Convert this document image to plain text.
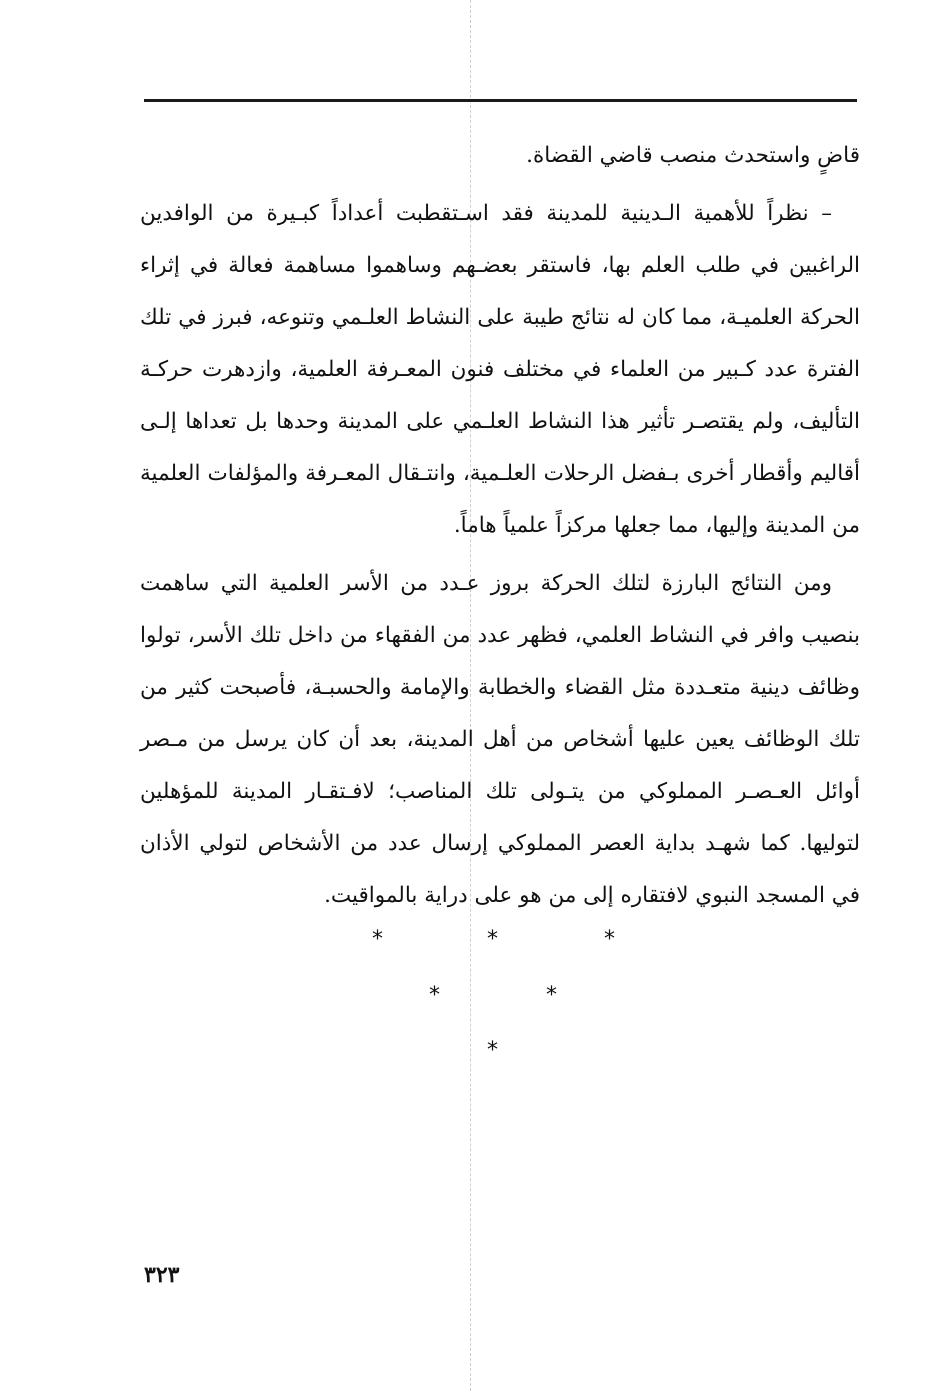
قاضٍ واستحدث منصب قاضي القضاة.

– نظراً للأهمية الـدينية للمدينة فقد اسـتقطبت أعداداً كبـيرة من الوافدين الراغبين في طلب العلم بها، فاستقر بعضـهم وساهموا مساهمة فعالة في إثراء الحركة العلميـة، مما كان له نتائج طيبة على النشاط العلـمي وتنوعه، فبرز في تلك الفترة عدد كـبير من العلماء في مختلف فنون المعـرفة العلمية، وازدهرت حركـة التأليف، ولم يقتصـر تأثير هذا النشاط العلـمي على المدينة وحدها بل تعداها إلـى أقاليم وأقطار أخرى بـفضل الرحلات العلـمية، وانتـقال المعـرفة والمؤلفات العلمية من المدينة وإليها، مما جعلها مركزاً علمياً هاماً.

ومن النتائج البارزة لتلك الحركة بروز عـدد من الأسر العلمية التي ساهمت بنصيب وافر في النشاط العلمي، فظهر عدد من الفقهاء من داخل تلك الأسر، تولوا وظائف دينية متعـددة مثل القضاء والخطابة والإمامة والحسبـة، فأصبحت كثير من تلك الوظائف يعين عليها أشخاص من أهل المدينة، بعد أن كان يرسل من مـصر أوائل العـصـر المملوكي من يتـولى تلك المناصب؛ لافـتقـار المدينة للمؤهلين لتوليها. كما شهـد بداية العصر المملوكي إرسال عدد من الأشخاص لتولي الأذان في المسجد النبوي لافتقاره إلى من هو على دراية بالمواقيت.

*	*	*
*	*
*
٣٢٣
